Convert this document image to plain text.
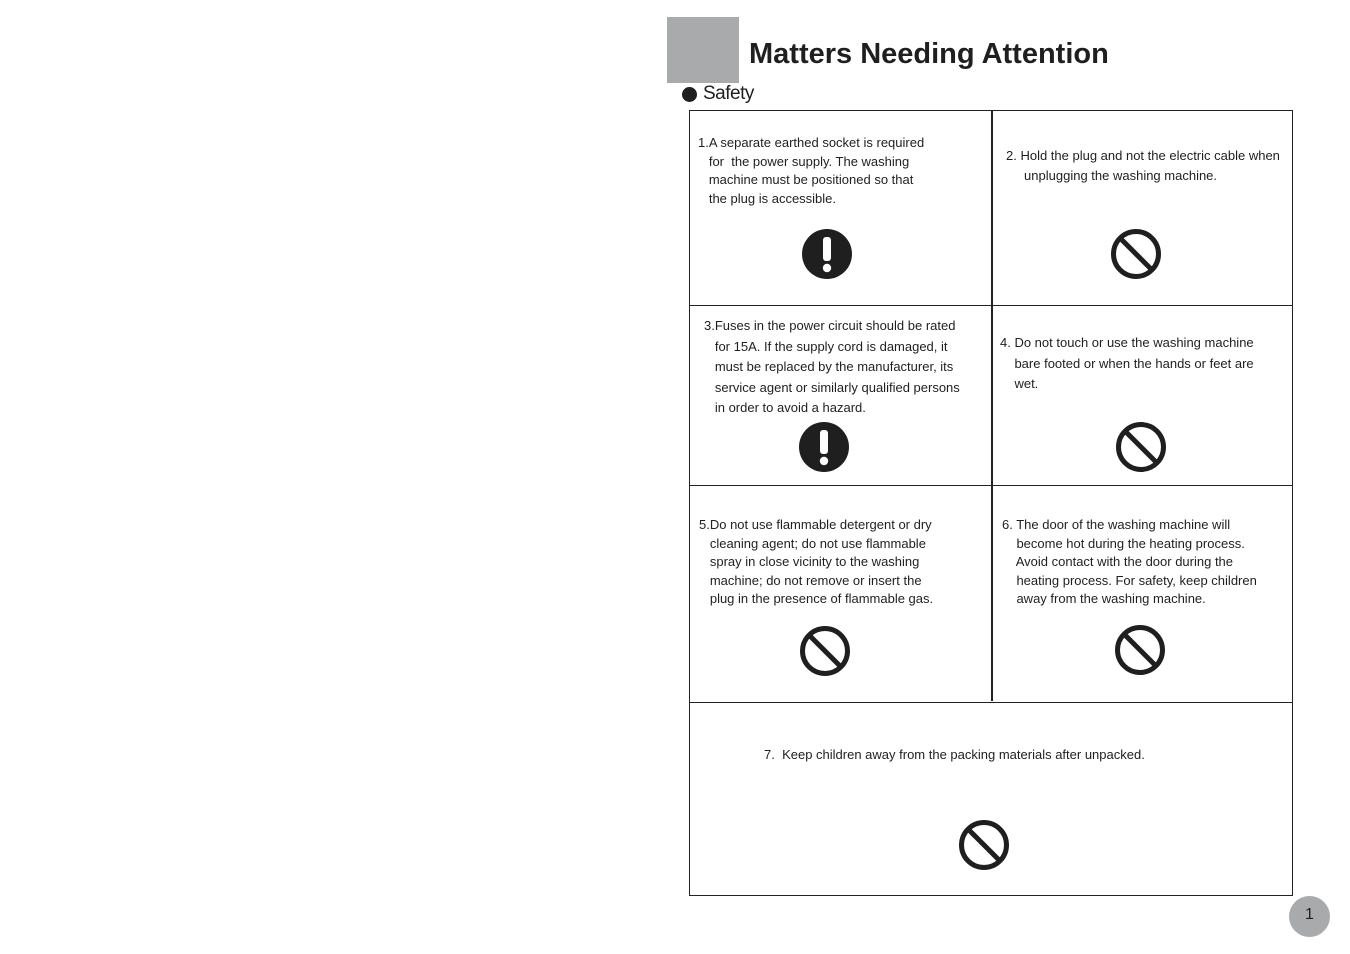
Matters Needing Attention
Safety
1.A separate earthed socket is required
for  the power supply. The washing
machine must be positioned so that
the plug is accessible.
2. Hold the plug and not the electric cable when
unplugging the washing machine.
3.Fuses in the power circuit should be rated
for 15A. If the supply cord is damaged, it
must be replaced by the manufacturer, its
service agent or similarly qualified persons
in order to avoid a hazard.
4. Do not touch or use the washing machine
bare footed or when the hands or feet are
wet.
5.Do not use flammable detergent or dry
cleaning agent; do not use flammable
spray in close vicinity to the washing
machine; do not remove or insert the
plug in the presence of flammable gas.
6. The door of the washing machine will
become hot during the heating process.
Avoid contact with the door during the
heating process. For safety, keep children
away from the washing machine.
7.  Keep children away from the packing materials after unpacked.
1
